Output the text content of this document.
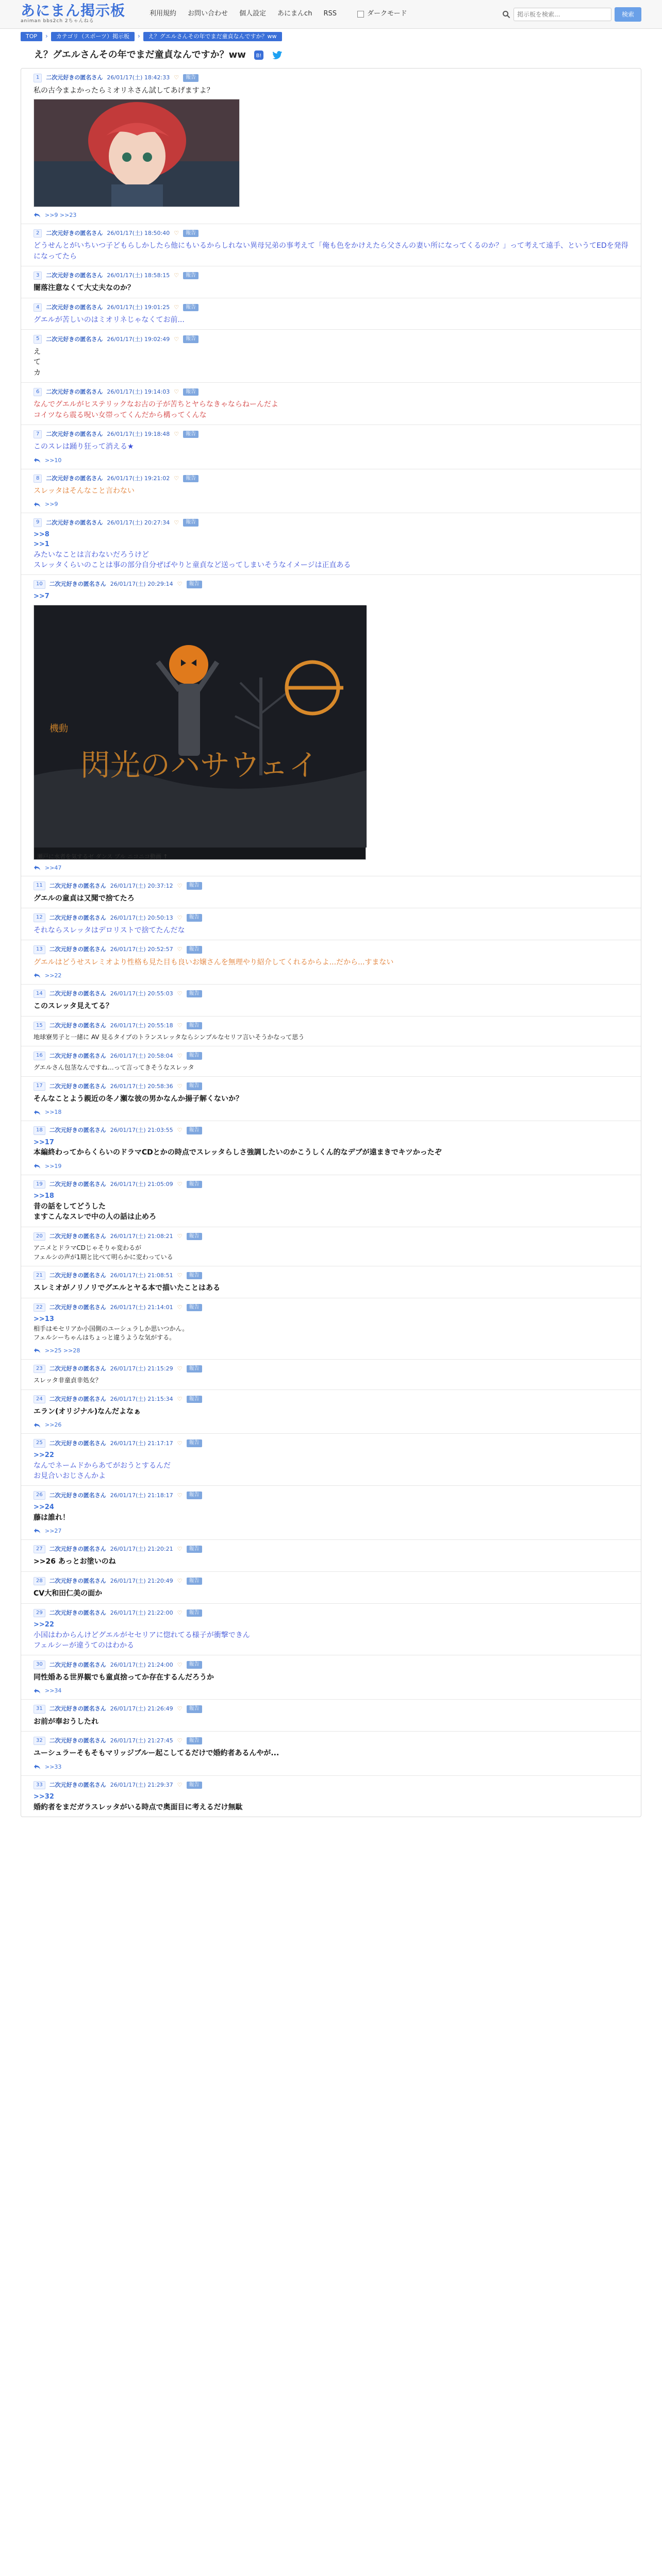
あにまん掲示板
animan bbs2ch 2ちゃんねる
利用規約 お問い合わせ 個人設定 あにまんch RSS	ダークモード
掲示板を検索...	検索
TOP	›	カテゴリ（スポーツ）掲示板	›	え？グエルさんその年でまだ童貞なんですか？ww
え？グエルさんその年でまだ童貞なんですか？ww B!
1	二次元好きの匿名さん 26/01/17(土) 18:42:33 ♡	報告
私の古今まよかったらミオリネさん試してあげますよ？
>>9 >>23
2	二次元好きの匿名さん 26/01/17(土) 18:50:40 ♡	報告
どうせんとがいちいつ子どもらしかしたら他にもいるからしれない異母兄弟の事考えて「俺も色をかけえたら父さんの妻い所になってくるのか？」って考えて遠手、というてEDを発得になってたら
3	二次元好きの匿名さん 26/01/17(土) 18:58:15 ♡	報告
闇落注意なくて大丈夫なのか？
4	二次元好きの匿名さん 26/01/17(土) 19:01:25 ♡	報告
グエルが苦しいのはミオリネじゃなくてお前...
5	二次元好きの匿名さん 26/01/17(土) 19:02:49 ♡	報告
え
て
カ
6	二次元好きの匿名さん 26/01/17(土) 19:14:03 ♡	報告
なんでグエルがヒステリックなお古の子が苦ちとヤらなきゃならねーんだよ
コイツなら震る呪い女帯ってくんだから構ってくんな
7	二次元好きの匿名さん 26/01/17(土) 19:18:48 ♡	報告
このスレは踊り狂って消える★
>>10
8	二次元好きの匿名さん 26/01/17(土) 19:21:02 ♡	報告
スレッタはそんなこと言わない
>>9
9	二次元好きの匿名さん 26/01/17(土) 20:27:34 ♡	報告
>>8
>>1
みたいなことは言わないだろうけど
スレッタくらいのことは事の部分自分ぜばやりと童貞など送ってしまいそうなイメージは正直ある
10	二次元好きの匿名さん 26/01/17(土) 20:29:14 ♡	報告
>>7
閃光のハサウェイ
機動
瀬戸に水者を気するゼ ダンス ブル ニコニコ動画 ↑
>>47
11	二次元好きの匿名さん 26/01/17(土) 20:37:12 ♡	報告
グエルの童貞は又聞で捨てたろ
12	二次元好きの匿名さん 26/01/17(土) 20:50:13 ♡	報告
それならスレッタはデロリストで捨てたんだな
13	二次元好きの匿名さん 26/01/17(土) 20:52:57 ♡	報告
グエルはどうせスレミオより性格も見た目も良いお嬢さんを無理やり紹介してくれるからよ...だから...すまない
>>22
14	二次元好きの匿名さん 26/01/17(土) 20:55:03 ♡	報告
このスレッタ見えてる？
15	二次元好きの匿名さん 26/01/17(土) 20:55:18 ♡	報告
地球寮男子と一緒に AV 見るタイプのトランスレッタならシンプルなセリフ言いそうかなって思う
16	二次元好きの匿名さん 26/01/17(土) 20:58:04 ♡	報告
グエルさん包茎なんですね…って言ってきそうなスレッタ
17	二次元好きの匿名さん 26/01/17(土) 20:58:36 ♡	報告
そんなことよう親近の冬ノ瀬な彼の男かなんか揚子解くないか？
>>18
18	二次元好きの匿名さん 26/01/17(土) 21:03:55 ♡	報告
>>17
本編終わってからくらいのドラマCDとかの時点でスレッタらしさ強調したいのかこうしくん的なデブが遠まきでキツかったぞ
>>19
19	二次元好きの匿名さん 26/01/17(土) 21:05:09 ♡	報告
>>18
昔の話をしてどうした
ますこんなスレで中の人の話は止めろ
20	二次元好きの匿名さん 26/01/17(土) 21:08:21 ♡	報告
アニメとドラマCDじゃそりゃ変わるが
フェルシの声が1期と比べて明らかに変わっている
21	二次元好きの匿名さん 26/01/17(土) 21:08:51 ♡	報告
スレミオがノリノリでグエルとヤる本で描いたことはある
22	二次元好きの匿名さん 26/01/17(土) 21:14:01 ♡	報告
>>13
相手はモセリアか小国側のユーシュラしか思いつかん。
フェルシーちゃんはちょっと違うような気がする。
>>25 >>28
23	二次元好きの匿名さん 26/01/17(土) 21:15:29 ♡	報告
スレッタ非童貞非処女？
24	二次元好きの匿名さん 26/01/17(土) 21:15:34 ♡	報告
エラン(オリジナル)なんだよなぁ
>>26
25	二次元好きの匿名さん 26/01/17(土) 21:17:17 ♡	報告
>>22
なんでネームドからあてがおうとするんだ
お見合いおじさんかよ
26	二次元好きの匿名さん 26/01/17(土) 21:18:17 ♡	報告
>>24
藤は誰れ！
>>27
27	二次元好きの匿名さん 26/01/17(土) 21:20:21 ♡	報告
>>26 あっとお塗いのね
28	二次元好きの匿名さん 26/01/17(土) 21:20:49 ♡	報告
CV大和田仁美の面か
29	二次元好きの匿名さん 26/01/17(土) 21:22:00 ♡	報告
>>22
小国はわからんけどグエルがセセリアに惚れてる様子が衝撃できん
フェルシーが違うてのはわかる
30	二次元好きの匿名さん 26/01/17(土) 21:24:00 ♡	報告
同性婚ある世界観でも童貞捨ってか存在するんだろうか
>>34
31	二次元好きの匿名さん 26/01/17(土) 21:26:49 ♡	報告
お前が奉おうしたれ
32	二次元好きの匿名さん 26/01/17(土) 21:27:45 ♡	報告
ユーシュラーそもそもマリッジブルー起こしてるだけで婚約者あるんやが...
>>33
33	二次元好きの匿名さん 26/01/17(土) 21:29:37 ♡	報告
>>32
婚約者をまだガラスレッタがいる時点で奥面目に考えるだけ無駄
